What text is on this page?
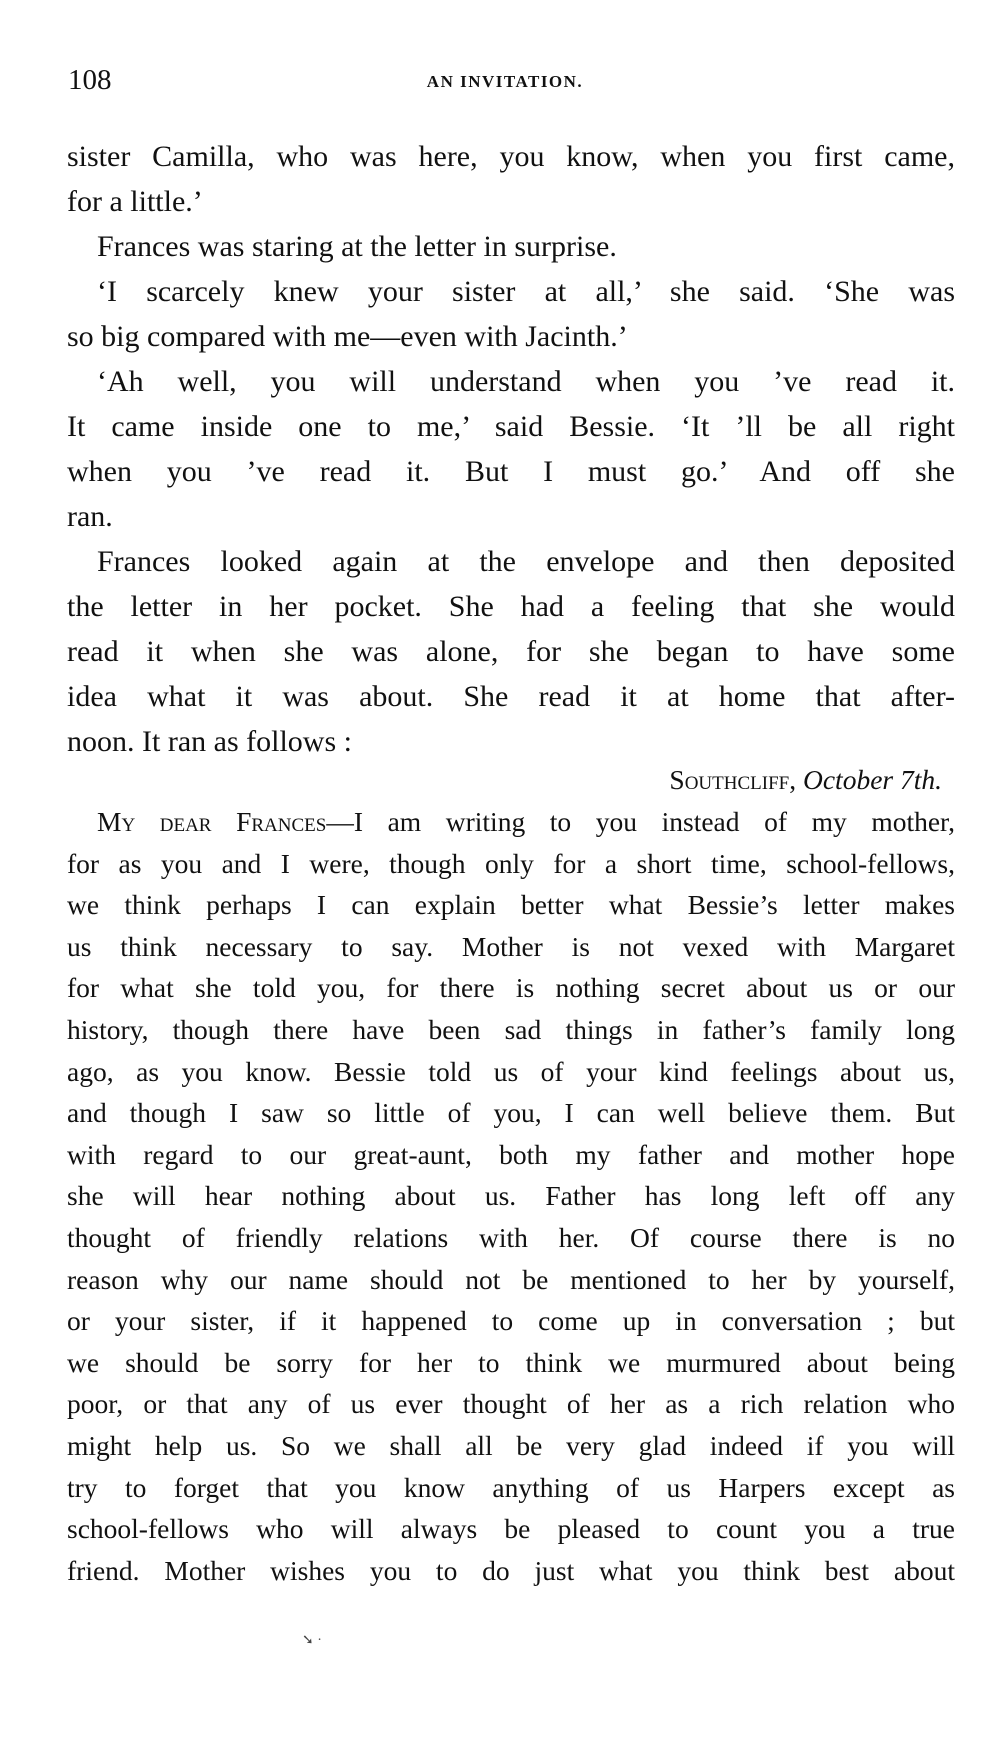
108	AN INVITATION.
sister Camilla, who was here, you know, when you first came,
for a little.’
Frances was staring at the letter in surprise.
‘I scarcely knew your sister at all,’ she said. ‘She was
so big compared with me—even with Jacinth.’
‘Ah well, you will understand when you ’ve read it.
It came inside one to me,’ said Bessie. ‘It ’ll be all right
when you ’ve read it. But I must go.’ And off she
ran.
Frances looked again at the envelope and then deposited
the letter in her pocket. She had a feeling that she would
read it when she was alone, for she began to have some
idea what it was about. She read it at home that after-
noon. It ran as follows :
for as you and I were, though only for a short time, school-fellows,
we think perhaps I can explain better what Bessie’s letter makes
us think necessary to say. Mother is not vexed with Margaret
for what she told you, for there is nothing secret about us or our
history, though there have been sad things in father’s family long
ago, as you know. Bessie told us of your kind feelings about us,
and though I saw so little of you, I can well believe them. But
with regard to our great-aunt, both my father and mother hope
she will hear nothing about us. Father has long left off any
thought of friendly relations with her. Of course there is no
reason why our name should not be mentioned to her by yourself,
or your sister, if it happened to come up in conversation ; but
we should be sorry for her to think we murmured about being
poor, or that any of us ever thought of her as a rich relation who
might help us. So we shall all be very glad indeed if you will
try to forget that you know anything of us Harpers except as
school-fellows who will always be pleased to count you a true
friend. Mother wishes you to do just what you think best about
Southcliff, October 7th.
My dear Frances—I am writing to you instead of my mother,
➘ ·
